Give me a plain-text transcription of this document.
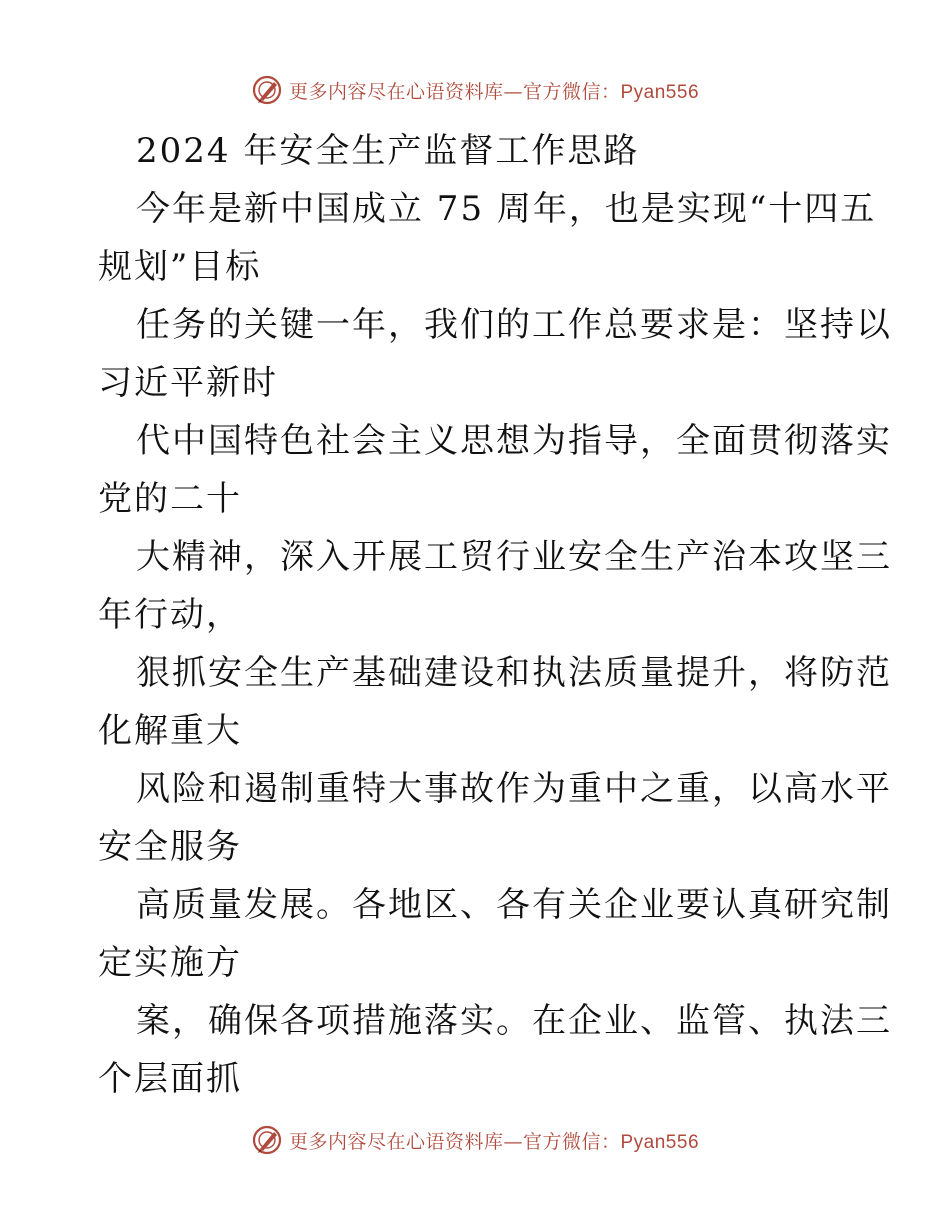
更多内容尽在心语资料库—官方微信：Pyan556
2024 年安全生产监督工作思路
今年是新中国成立 75 周年，也是实现“十四五
规划”目标
任务的关键一年，我们的工作总要求是：坚持以
习近平新时
代中国特色社会主义思想为指导，全面贯彻落实
党的二十
大精神，深入开展工贸行业安全生产治本攻坚三
年行动，
狠抓安全生产基础建设和执法质量提升，将防范
化解重大
风险和遏制重特大事故作为重中之重，以高水平
安全服务
高质量发展。各地区、各有关企业要认真研究制
定实施方
案，确保各项措施落实。在企业、监管、执法三
个层面抓
更多内容尽在心语资料库—官方微信：Pyan556
